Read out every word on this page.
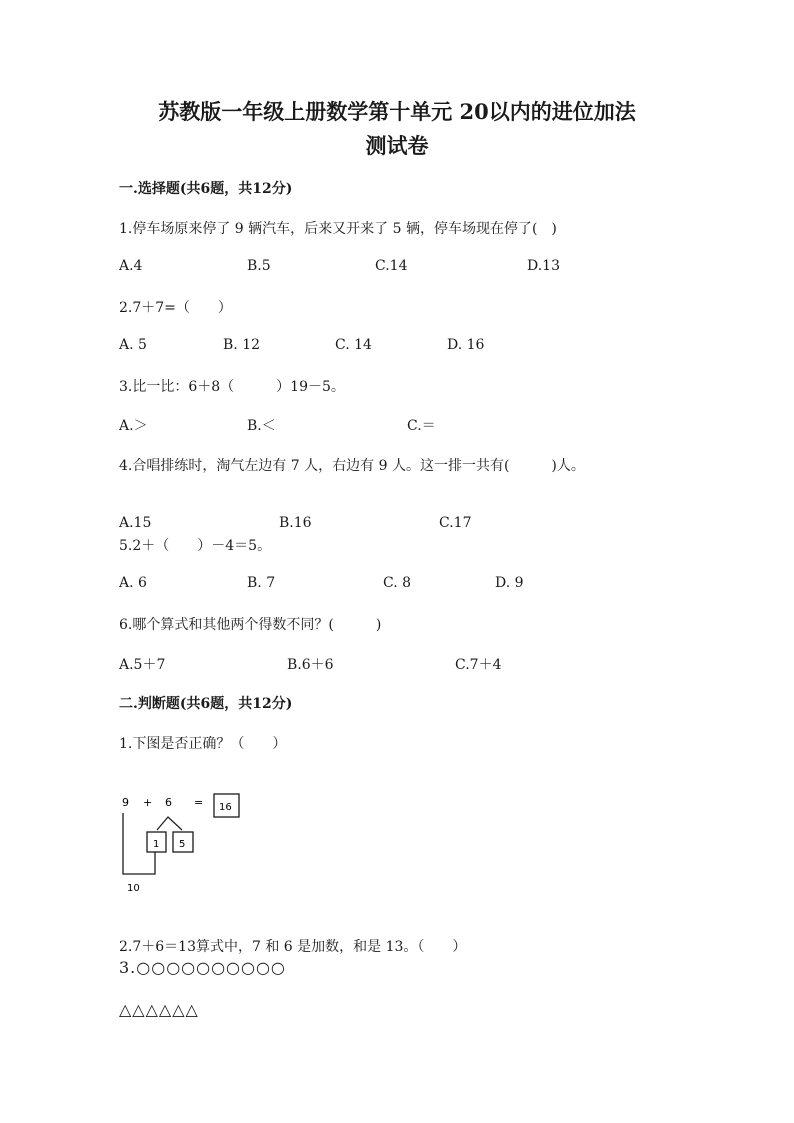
苏教版一年级上册数学第十单元 20以内的进位加法
测试卷
一.选择题(共6题，共12分)
1.停车场原来停了 9 辆汽车，后来又开来了 5 辆，停车场现在停了(　)
A.4	B.5	C.14	D.13
2.7＋7=（　　）
A. 5	B. 12	C. 14	D. 16
3.比一比：6＋8（　　　）19－5。
A.＞	B.＜	C.＝
4.合唱排练时，淘气左边有 7 人，右边有 9 人。这一排一共有(　　　)人。
A.15	B.16	C.17
5.2＋（　　）－4＝5。
A. 6	B. 7	C. 8	D. 9
6.哪个算式和其他两个得数不同？(　　　)
A.5＋7	B.6＋6	C.7＋4
二.判断题(共6题，共12分)
1.下图是否正确？（　　）
9 + 6 = 16
1 5
10
2.7＋6＝13算式中，7 和 6 是加数，和是 13。（　　）
3.○○○○○○○○○○
△△△△△△
